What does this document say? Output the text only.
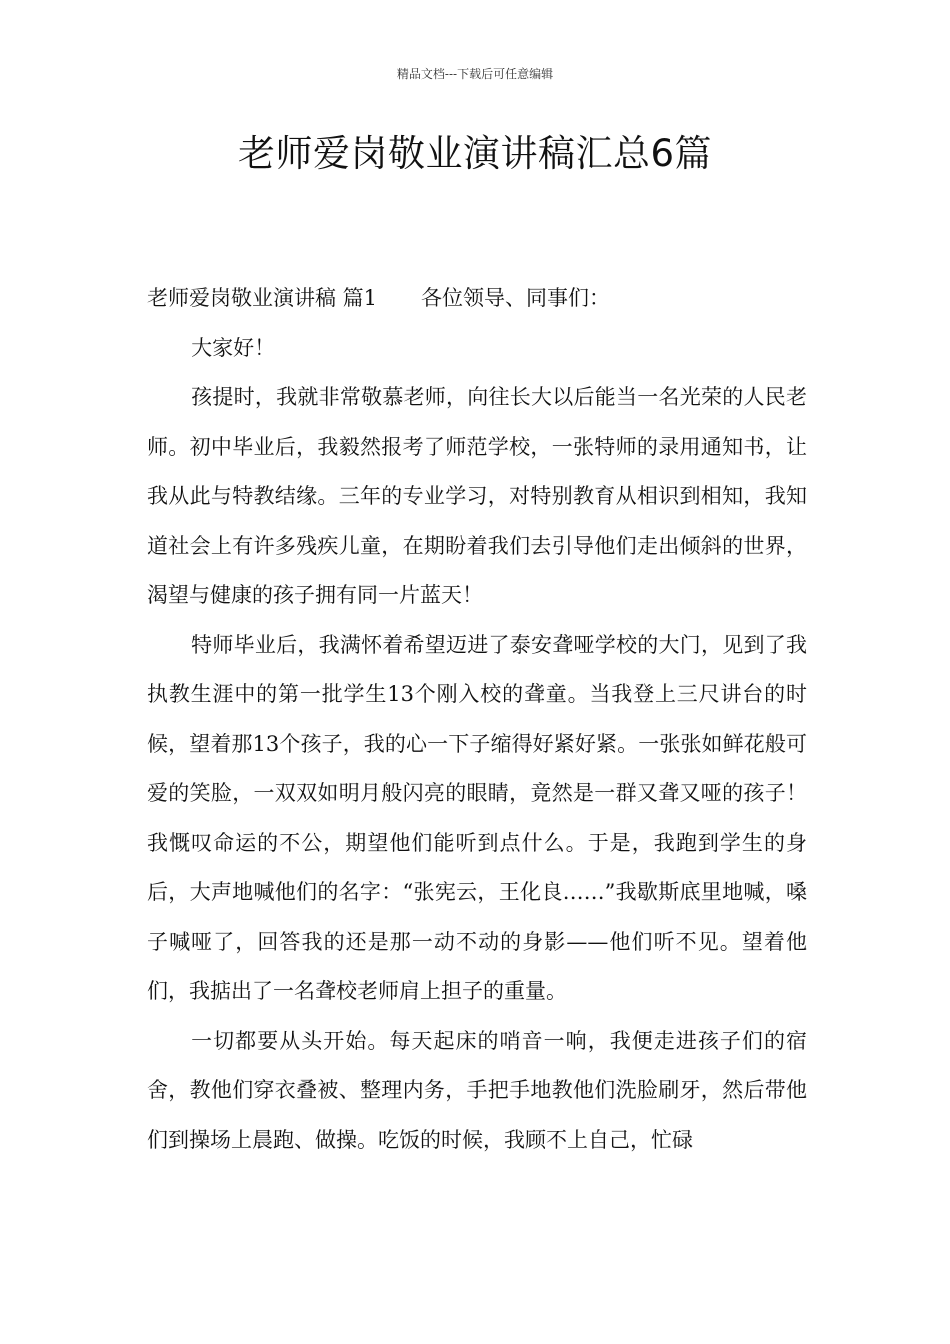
精品文档---下载后可任意编辑
老师爱岗敬业演讲稿汇总6篇

老师爱岗敬业演讲稿 篇1 各位领导、同事们：

大家好！

孩提时，我就非常敬慕老师，向往长大以后能当一名光荣的人民老师。初中毕业后，我毅然报考了师范学校，一张特师的录用通知书，让我从此与特教结缘。三年的专业学习，对特别教育从相识到相知，我知道社会上有许多残疾儿童，在期盼着我们去引导他们走出倾斜的世界，渴望与健康的孩子拥有同一片蓝天！

特师毕业后，我满怀着希望迈进了泰安聋哑学校的大门，见到了我执教生涯中的第一批学生13个刚入校的聋童。当我登上三尺讲台的时候，望着那13个孩子，我的心一下子缩得好紧好紧。一张张如鲜花般可爱的笑脸，一双双如明月般闪亮的眼睛，竟然是一群又聋又哑的孩子！我慨叹命运的不公，期望他们能听到点什么。于是，我跑到学生的身后，大声地喊他们的名字：“张宪云，王化良……”我歇斯底里地喊，嗓子喊哑了，回答我的还是那一动不动的身影——他们听不见。望着他们，我掂出了一名聋校老师肩上担子的重量。

一切都要从头开始。每天起床的哨音一响，我便走进孩子们的宿舍，教他们穿衣叠被、整理内务，手把手地教他们洗脸刷牙，然后带他们到操场上晨跑、做操。吃饭的时候，我顾不上自己，忙碌
